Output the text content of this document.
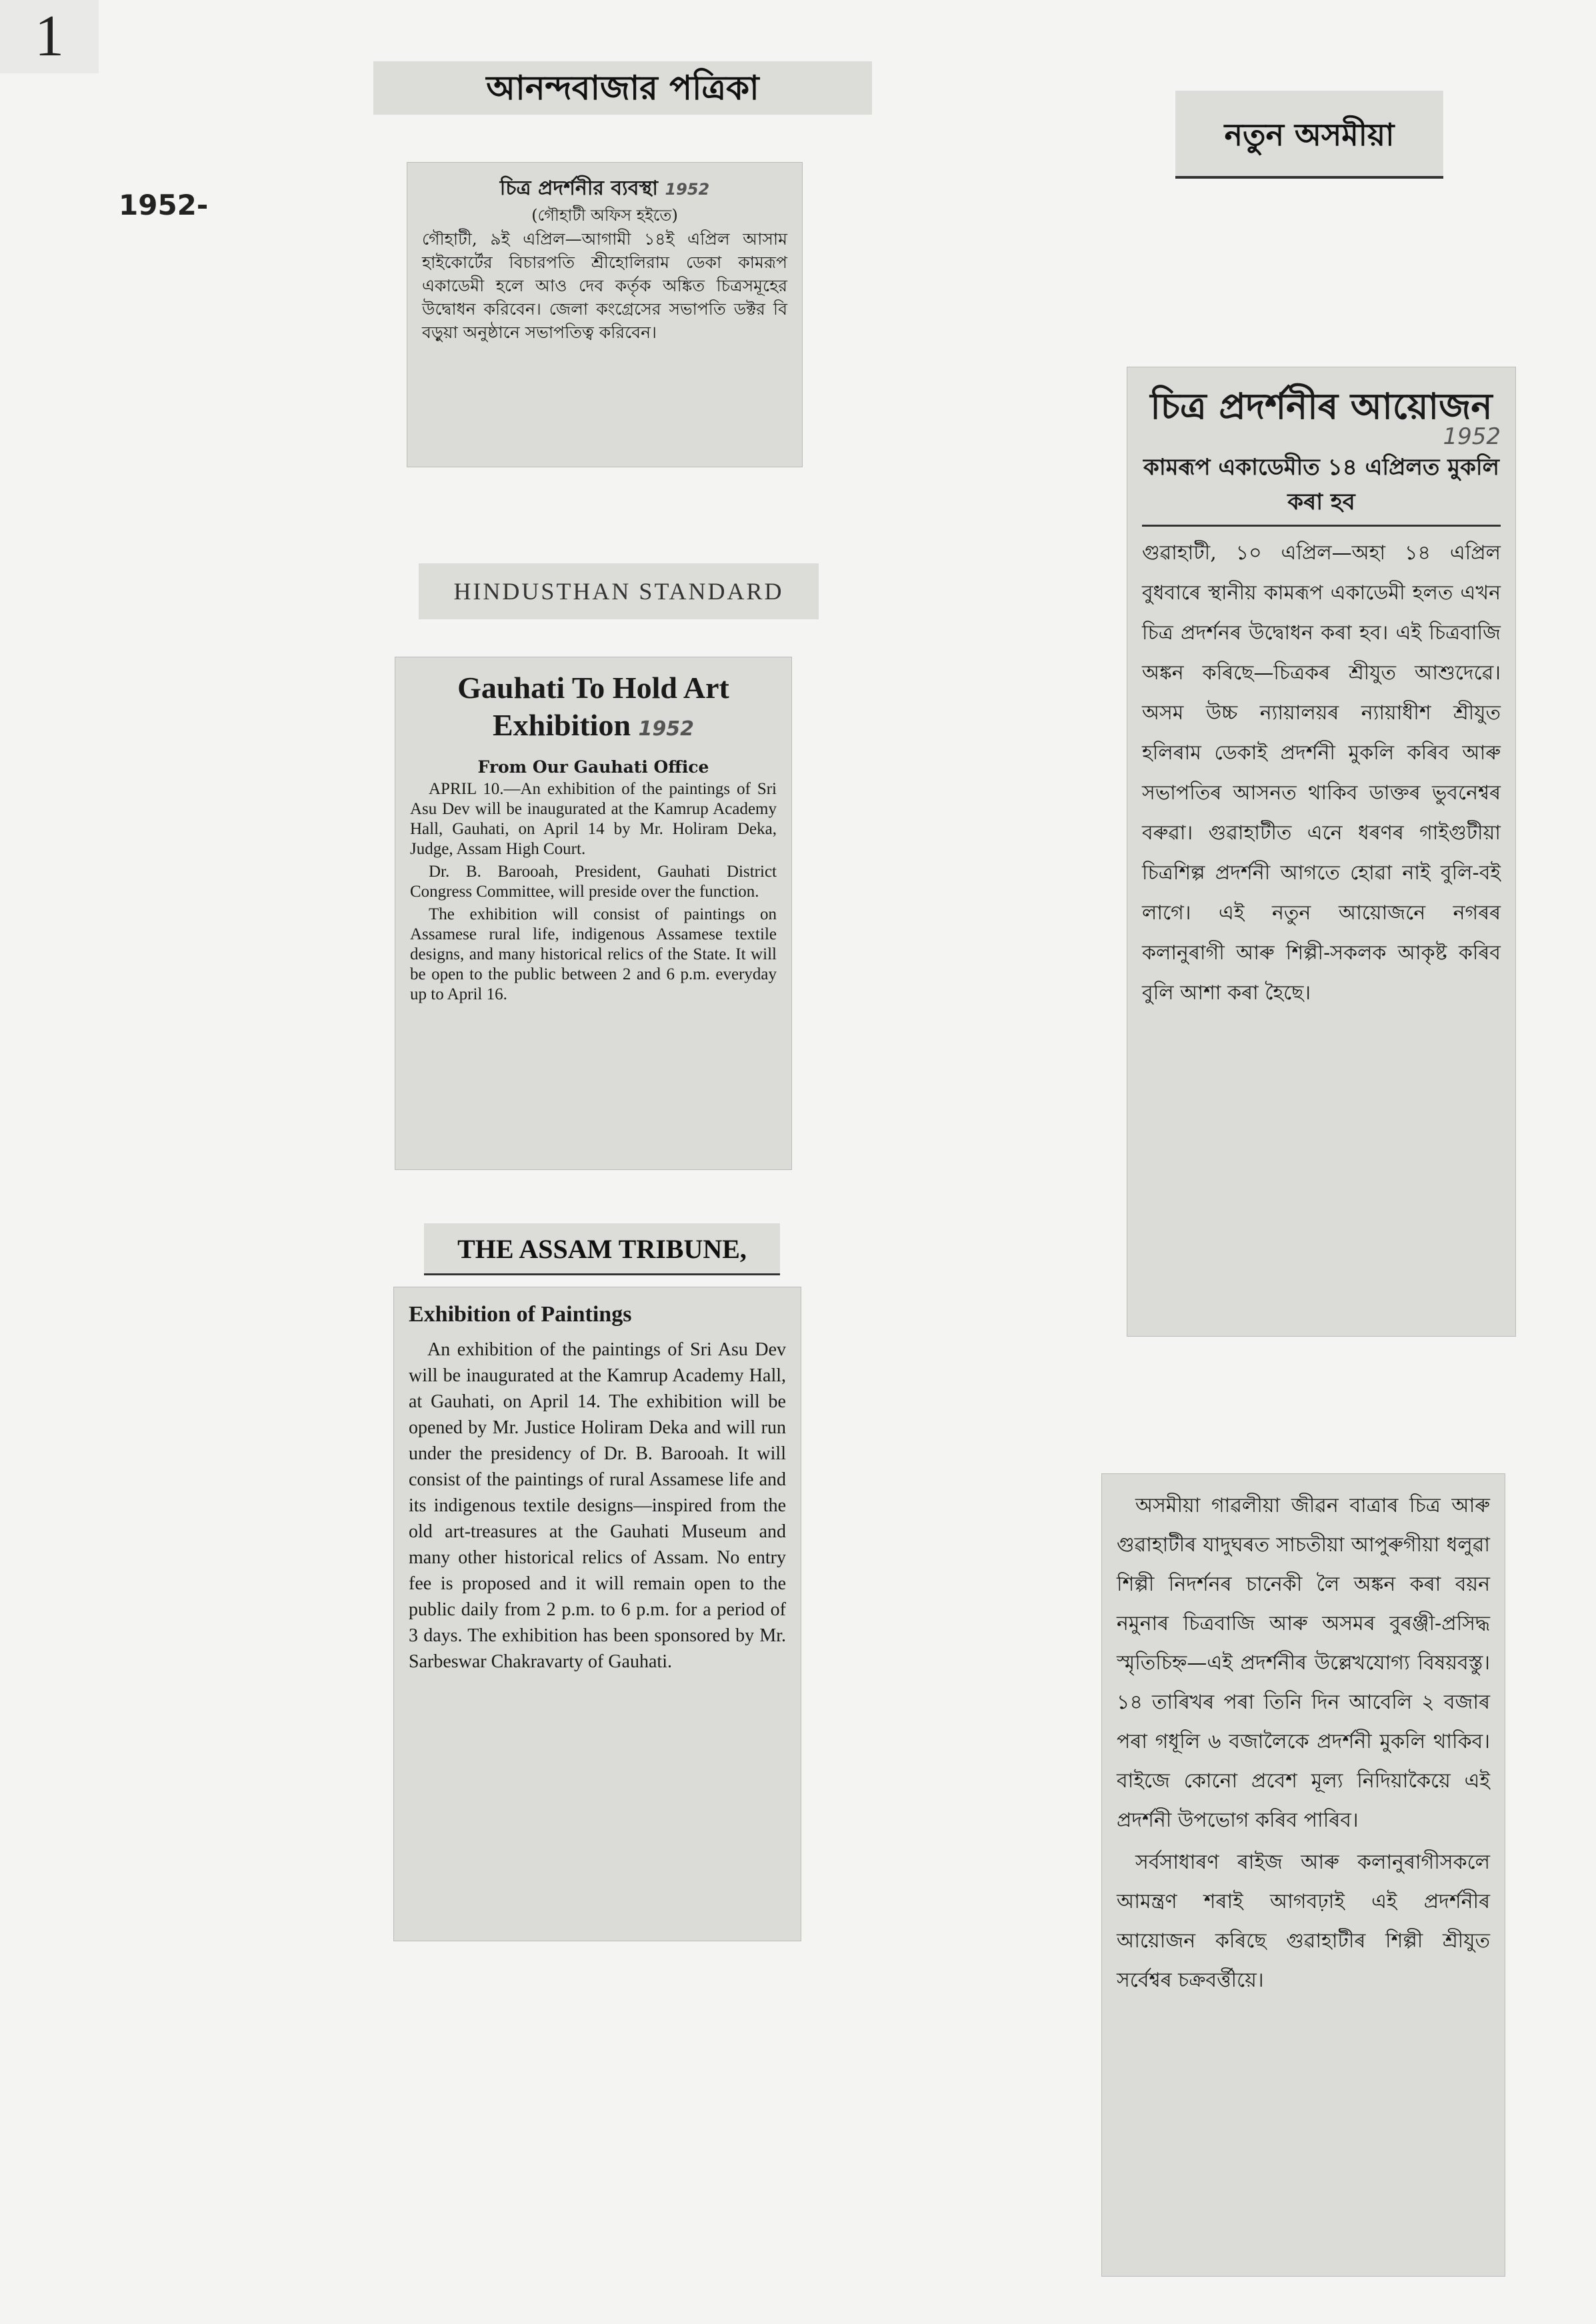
1
1952-
আনন্দবাজার পত্রিকা
নতুন অসমীয়া
HINDUSTHAN STANDARD
THE ASSAM TRIBUNE,
চিত্র প্রদর্শনীর ব্যবস্থা 1952
(গৌহাটী অফিস হইতে)

গৌহাটী, ৯ই এপ্রিল—আগামী ১৪ই এপ্রিল আসাম হাইকোর্টের বিচারপতি শ্রীহোলিরাম ডেকা কামরূপ একাডেমী হলে আও দেব কর্তৃক অঙ্কিত চিত্রসমূহের উদ্বোধন করিবেন। জেলা কংগ্রেসের সভাপতি ডক্টর বি বড়ুয়া অনুষ্ঠানে সভাপতিত্ব করিবেন।

Gauhati To Hold Art Exhibition 1952
From Our Gauhati Office

APRIL 10.—An exhibition of the paintings of Sri Asu Dev will be inaugurated at the Kamrup Academy Hall, Gauhati, on April 14 by Mr. Holiram Deka, Judge, Assam High Court.

Dr. B. Barooah, President, Gauhati District Congress Committee, will preside over the function.

The exhibition will consist of paintings on Assamese rural life, indigenous Assamese textile designs, and many historical relics of the State. It will be open to the public between 2 and 6 p.m. everyday up to April 16.

Exhibition of Paintings

An exhibition of the paintings of Sri Asu Dev will be inaugurated at the Kamrup Academy Hall, at Gauhati, on April 14. The exhibition will be opened by Mr. Justice Holiram Deka and will run under the presidency of Dr. B. Barooah. It will consist of the paintings of rural Assamese life and its indigenous textile designs—inspired from the old art-treasures at the Gauhati Museum and many other historical relics of Assam. No entry fee is proposed and it will remain open to the public daily from 2 p.m. to 6 p.m. for a period of 3 days. The exhibition has been sponsored by Mr. Sarbeswar Chakravarty of Gauhati.

চিত্ৰ প্ৰদৰ্শনীৰ আয়োজন
1952
কামৰূপ একাডেমীত ১৪ এপ্ৰিলত মুকলি কৰা হব

গুৱাহাটী, ১০ এপ্ৰিল—অহা ১৪ এপ্ৰিল বুধবাৰে স্থানীয় কামৰূপ একাডেমী হলত এখন চিত্ৰ প্ৰদৰ্শনৰ উদ্বোধন কৰা হব। এই চিত্ৰবাজি অঙ্কন কৰিছে—চিত্ৰকৰ শ্ৰীযুত আশুদেৱে। অসম উচ্চ ন্যায়ালয়ৰ ন্যায়াধীশ শ্ৰীযুত হলিৰাম ডেকাই প্ৰদৰ্শনী মুকলি কৰিব আৰু সভাপতিৰ আসনত থাকিব ডাক্তৰ ভুবনেশ্বৰ বৰুৱা। গুৱাহাটীত এনে ধৰণৰ গাইগুটীয়া চিত্ৰশিল্প প্ৰদৰ্শনী আগতে হোৱা নাই বুলি-বই লাগে। এই নতুন আয়োজনে নগৰৰ কলানুৰাগী আৰু শিল্পী-সকলক আকৃষ্ট কৰিব বুলি আশা কৰা হৈছে।

অসমীয়া গাৱলীয়া জীৱন বাত্ৰাৰ চিত্ৰ আৰু গুৱাহাটীৰ যাদুঘৰত সাচতীয়া আপুৰুগীয়া ধলুৱা শিল্পী নিদৰ্শনৰ চানেকী লৈ অঙ্কন কৰা বয়ন নমুনাৰ চিত্ৰবাজি আৰু অসমৰ বুৰঞ্জী-প্ৰসিদ্ধ স্মৃতিচিহ্ন—এই প্ৰদৰ্শনীৰ উল্লেখযোগ্য বিষয়বস্তু। ১৪ তাৰিখৰ পৰা তিনি দিন আবেলি ২ বজাৰ পৰা গধূলি ৬ বজালৈকে প্ৰদৰ্শনী মুকলি থাকিব। বাইজে কোনো প্ৰবেশ মূল্য নিদিয়াকৈয়ে এই প্ৰদৰ্শনী উপভোগ কৰিব পাৰিব।

সৰ্বসাধাৰণ ৰাইজ আৰু কলানুৰাগীসকলে আমন্ত্ৰণ শৰাই আগবঢ়াই এই প্ৰদৰ্শনীৰ আয়োজন কৰিছে গুৱাহাটীৰ শিল্পী শ্ৰীযুত সৰ্বেশ্বৰ চক্ৰবৰ্ত্তীয়ে।
